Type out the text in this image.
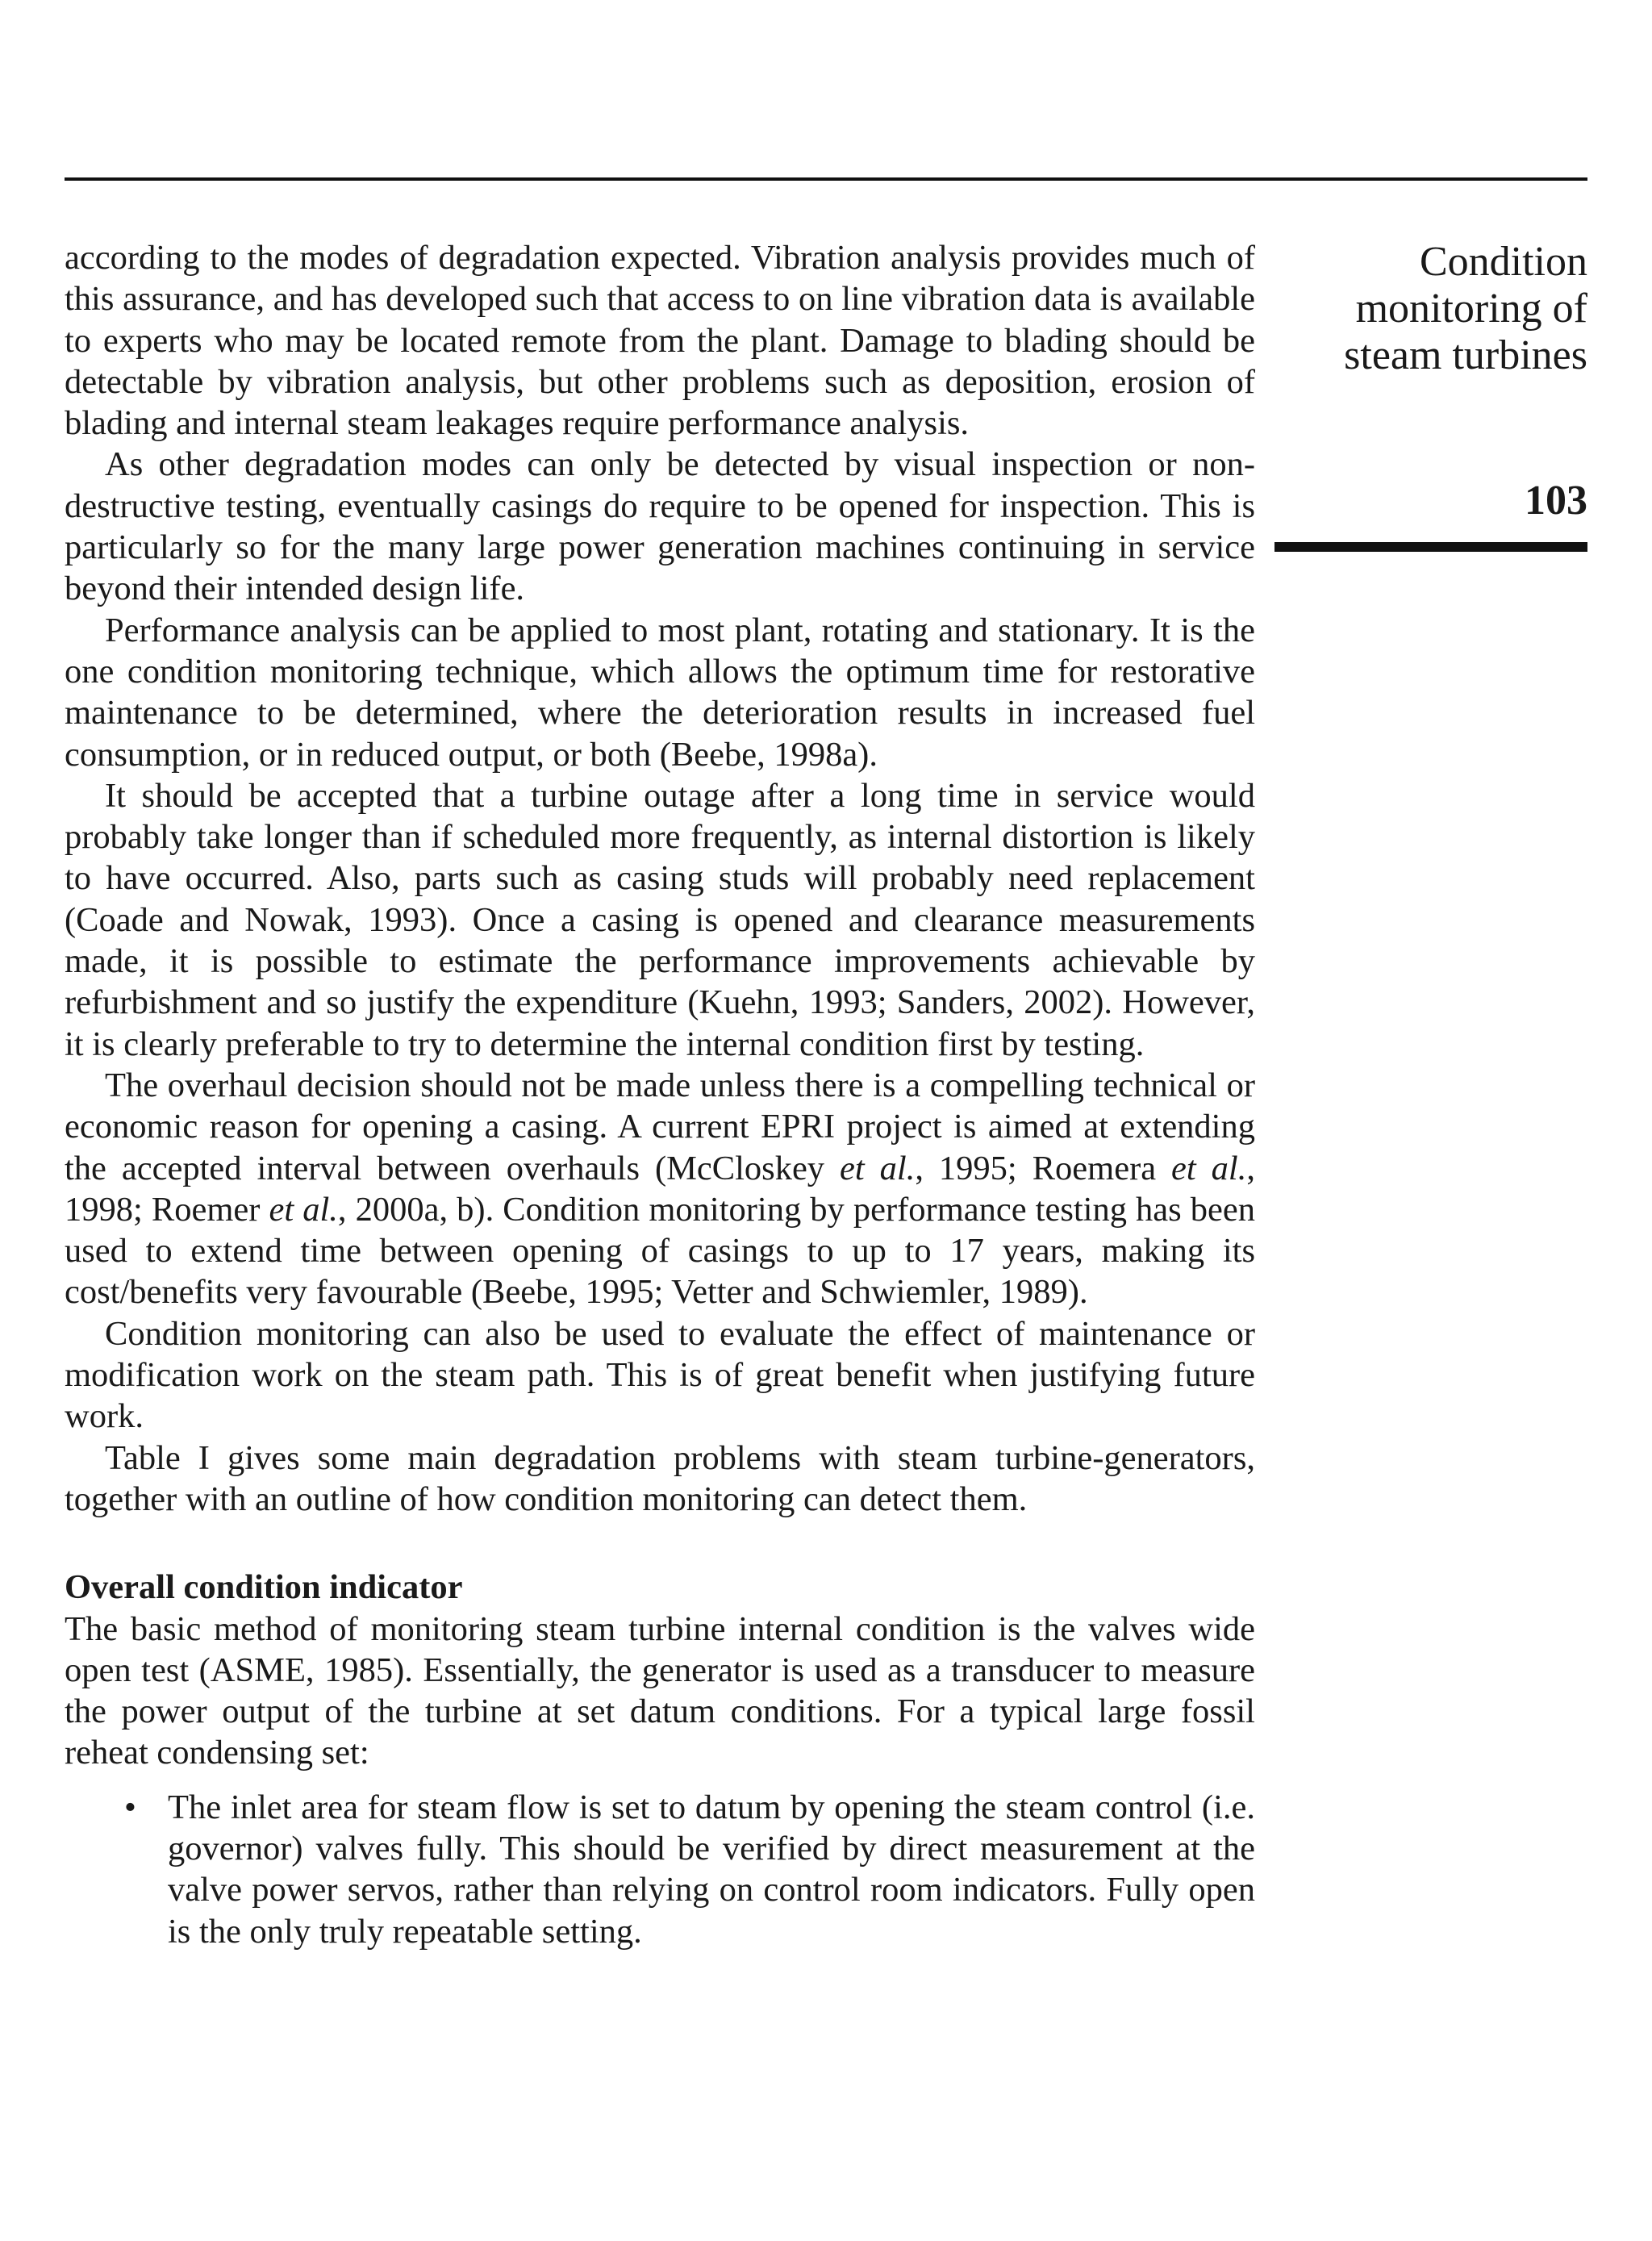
according to the modes of degradation expected. Vibration analysis provides much of this assurance, and has developed such that access to on line vibration data is available to experts who may be located remote from the plant. Damage to blading should be detectable by vibration analysis, but other problems such as deposition, erosion of blading and internal steam leakages require performance analysis.

As other degradation modes can only be detected by visual inspection or non-destructive testing, eventually casings do require to be opened for inspection. This is particularly so for the many large power generation machines continuing in service beyond their intended design life.

Performance analysis can be applied to most plant, rotating and stationary. It is the one condition monitoring technique, which allows the optimum time for restorative maintenance to be determined, where the deterioration results in increased fuel consumption, or in reduced output, or both (Beebe, 1998a).

It should be accepted that a turbine outage after a long time in service would probably take longer than if scheduled more frequently, as internal distortion is likely to have occurred. Also, parts such as casing studs will probably need replacement (Coade and Nowak, 1993). Once a casing is opened and clearance measurements made, it is possible to estimate the performance improvements achievable by refurbishment and so justify the expenditure (Kuehn, 1993; Sanders, 2002). However, it is clearly preferable to try to determine the internal condition first by testing.

The overhaul decision should not be made unless there is a compelling technical or economic reason for opening a casing. A current EPRI project is aimed at extending the accepted interval between overhauls (McCloskey et al., 1995; Roemera et al., 1998; Roemer et al., 2000a, b). Condition monitoring by performance testing has been used to extend time between opening of casings to up to 17 years, making its cost/benefits very favourable (Beebe, 1995; Vetter and Schwiemler, 1989).

Condition monitoring can also be used to evaluate the effect of maintenance or modification work on the steam path. This is of great benefit when justifying future work.

Table I gives some main degradation problems with steam turbine-generators, together with an outline of how condition monitoring can detect them.

Overall condition indicator

The basic method of monitoring steam turbine internal condition is the valves wide open test (ASME, 1985). Essentially, the generator is used as a transducer to measure the power output of the turbine at set datum conditions. For a typical large fossil reheat condensing set:

• The inlet area for steam flow is set to datum by opening the steam control (i.e. governor) valves fully. This should be verified by direct measurement at the valve power servos, rather than relying on control room indicators. Fully open is the only truly repeatable setting.
Condition
monitoring of
steam turbines
103
